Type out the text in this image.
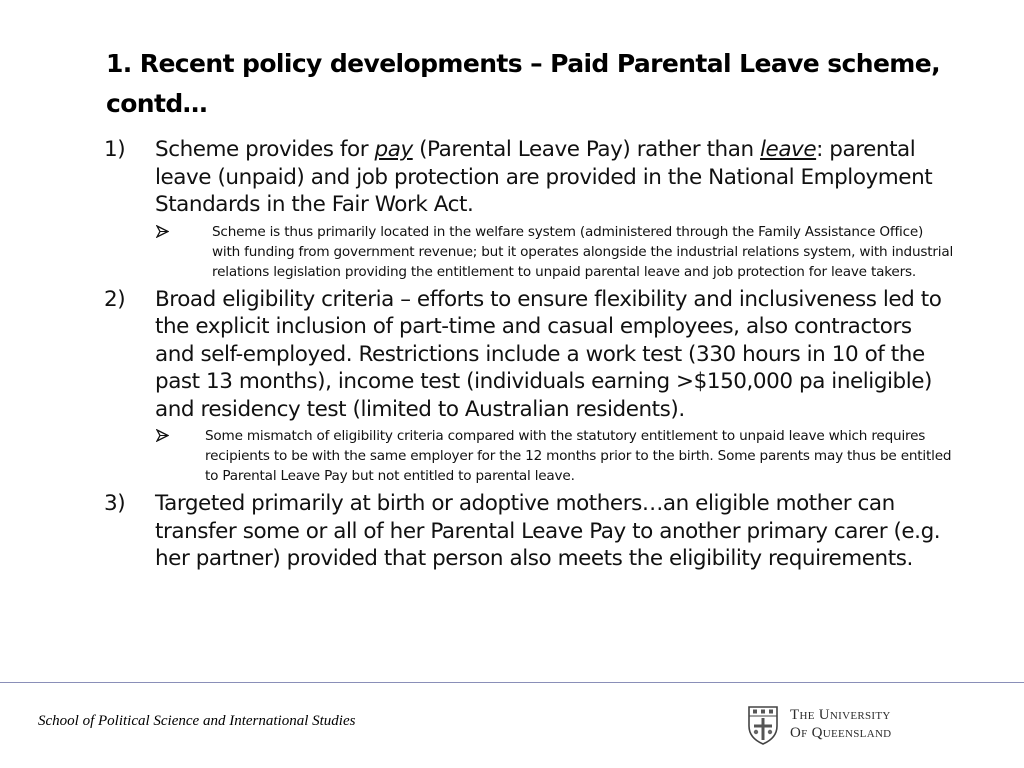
1. Recent policy developments – Paid Parental Leave scheme, contd…

1) Scheme provides for pay (Parental Leave Pay) rather than leave: parental leave (unpaid) and job protection are provided in the National Employment Standards in the Fair Work Act.

Scheme is thus primarily located in the welfare system (administered through the Family Assistance Office) with funding from government revenue; but it operates alongside the industrial relations system, with industrial relations legislation providing the entitlement to unpaid parental leave and job protection for leave takers.

2) Broad eligibility criteria – efforts to ensure flexibility and inclusiveness led to the explicit inclusion of part-time and casual employees, also contractors and self-employed. Restrictions include a work test (330 hours in 10 of the past 13 months), income test (individuals earning >$150,000 pa ineligible) and residency test (limited to Australian residents).

Some mismatch of eligibility criteria compared with the statutory entitlement to unpaid leave which requires recipients to be with the same employer for the 12 months prior to the birth. Some parents may thus be entitled to Parental Leave Pay but not entitled to parental leave.

3) Targeted primarily at birth or adoptive mothers…an eligible mother can transfer some or all of her Parental Leave Pay to another primary carer (e.g. her partner) provided that person also meets the eligibility requirements.

School of Political Science and International Studies	The University
Of Queensland
